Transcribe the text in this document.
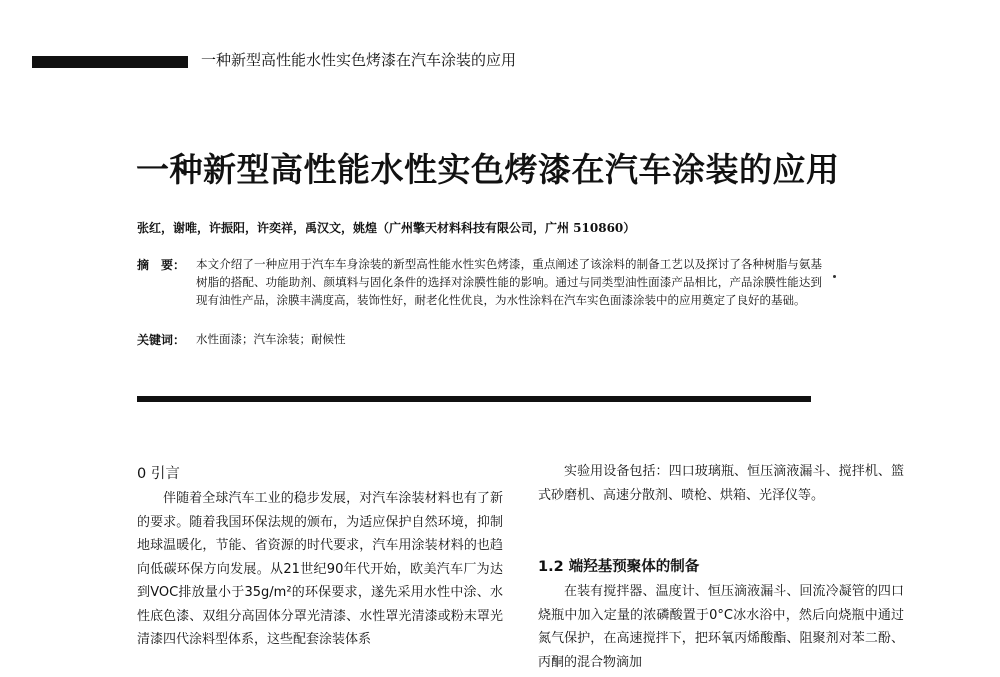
一种新型高性能水性实色烤漆在汽车涂装的应用
一种新型高性能水性实色烤漆在汽车涂装的应用
张红，谢唯，许振阳，许奕祥，禹汉文，姚煌（广州擎天材料科技有限公司，广州 510860）
摘　要： 本文介绍了一种应用于汽车车身涂装的新型高性能水性实色烤漆，重点阐述了该涂料的制备工艺以及探讨了各种树脂与氨基树脂的搭配、功能助剂、颜填料与固化条件的选择对涂膜性能的影响。通过与同类型油性面漆产品相比，产品涂膜性能达到现有油性产品，涂膜丰满度高，装饰性好，耐老化性优良，为水性涂料在汽车实色面漆涂装中的应用奠定了良好的基础。
关键词： 水性面漆；汽车涂装；耐候性
0 引言
伴随着全球汽车工业的稳步发展，对汽车涂装材料也有了新的要求。随着我国环保法规的颁布，为适应保护自然环境，抑制地球温暖化，节能、省资源的时代要求，汽车用涂装材料的也趋向低碳环保方向发展。从21世纪90年代开始，欧美汽车厂为达到VOC排放量小于35g/m²的环保要求，遂先采用水性中涂、水性底色漆、双组分高固体分罩光清漆、水性罩光清漆或粉末罩光清漆四代涂料型体系，这些配套涂装体系
实验用设备包括：四口玻璃瓶、恒压滴液漏斗、搅拌机、篮式砂磨机、高速分散剂、喷枪、烘箱、光泽仪等。
1.2 端羟基预聚体的制备
在装有搅拌器、温度计、恒压滴液漏斗、回流冷凝管的四口烧瓶中加入定量的浓磷酸置于0°C冰水浴中，然后向烧瓶中通过氮气保护，在高速搅拌下，把环氧丙烯酸酯、阻聚剂对苯二酚、丙酮的混合物滴加
